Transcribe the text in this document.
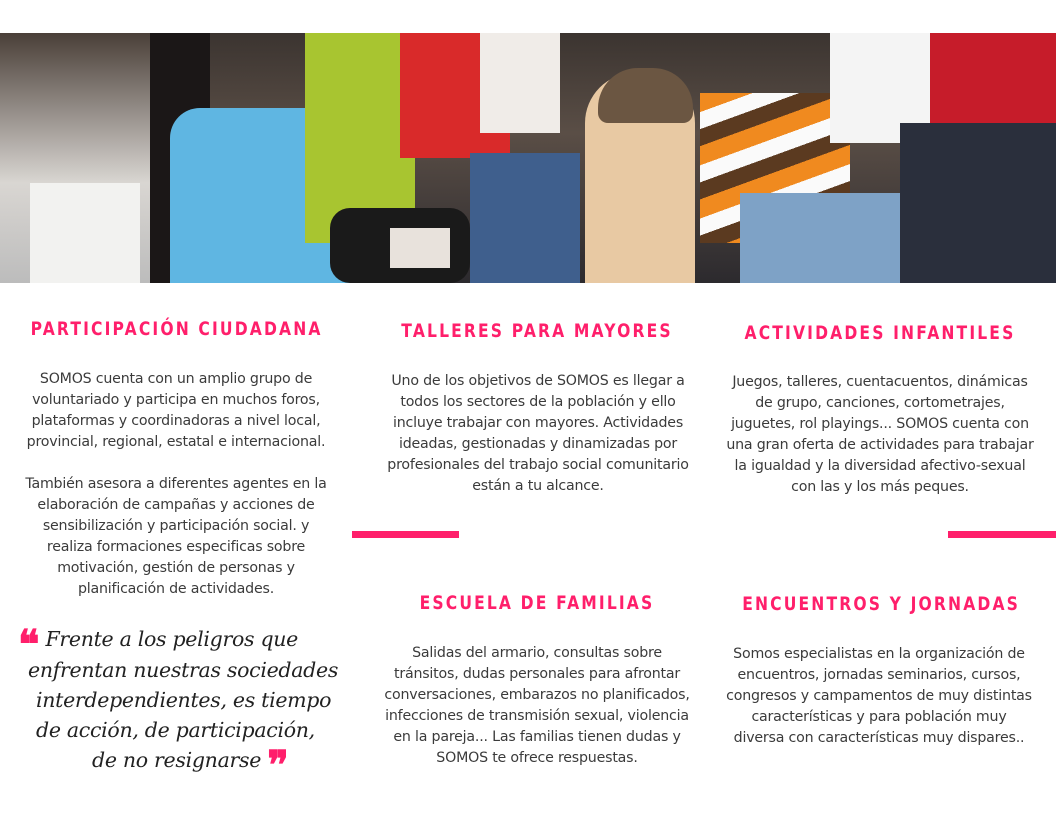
PARTICIPACIÓN CIUDADANA

SOMOS cuenta con un amplio grupo de voluntariado y participa en muchos foros, plataformas y coordinadoras a nivel local, provincial, regional, estatal e internacional.

También asesora a diferentes agentes en la elaboración de campañas y acciones de sensibilización y participación social. y realiza formaciones especificas sobre motivación, gestión de personas y planificación de actividades.

❝ Frente a los peligros que
enfrentan nuestras sociedades
interdependientes, es tiempo
de acción, de participación,
de no resignarse ❞
TALLERES PARA MAYORES
Uno de los objetivos de SOMOS es llegar a todos los sectores de la población y ello incluye trabajar con mayores. Actividades ideadas, gestionadas y dinamizadas por profesionales del trabajo social comunitario están a tu alcance.
ESCUELA DE FAMILIAS
Salidas del armario, consultas sobre tránsitos, dudas personales para afrontar conversaciones, embarazos no planificados, infecciones de transmisión sexual, violencia en la pareja... Las familias tienen dudas y SOMOS te ofrece respuestas.
ACTIVIDADES INFANTILES
Juegos, talleres, cuentacuentos, dinámicas de grupo, canciones, cortometrajes, juguetes, rol playings... SOMOS cuenta con una gran oferta de actividades para trabajar la igualdad y la diversidad afectivo-sexual con las y los más peques.
ENCUENTROS Y JORNADAS
Somos especialistas en la organización de encuentros, jornadas seminarios, cursos, congresos y campamentos de muy distintas características y para población muy diversa con características muy dispares..
